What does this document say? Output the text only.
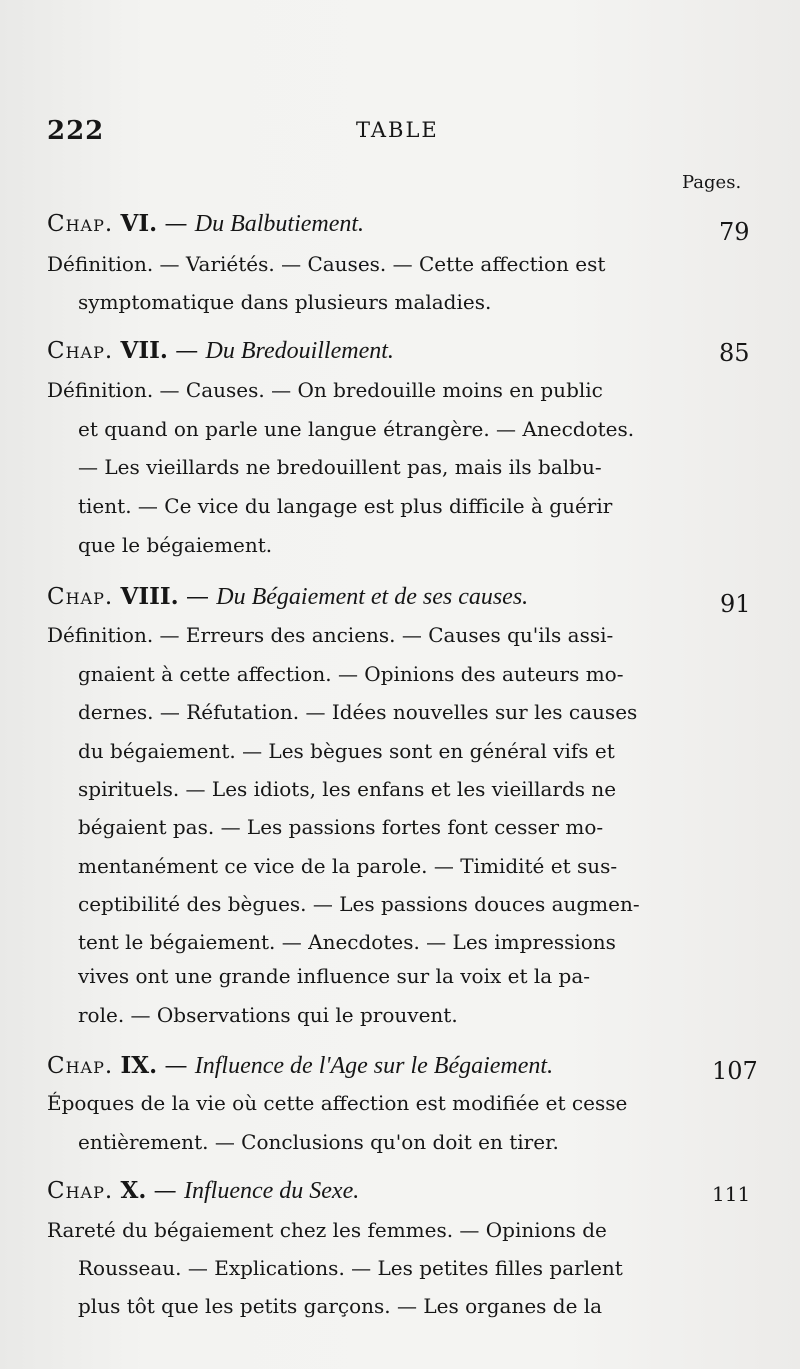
222	TABLE
Pages.
Chap. VI. — Du Balbutiement.	79
Définition. — Variétés. — Causes. — Cette affection est
symptomatique dans plusieurs maladies.
Chap. VII. — Du Bredouillement.	85
Définition. — Causes. — On bredouille moins en public
et quand on parle une langue étrangère. — Anecdotes.
— Les vieillards ne bredouillent pas, mais ils balbu-
tient. — Ce vice du langage est plus difficile à guérir
que le bégaiement.
Chap. VIII. — Du Bégaiement et de ses causes.	91
Définition. — Erreurs des anciens. — Causes qu'ils assi-
gnaient à cette affection. — Opinions des auteurs mo-
dernes. — Réfutation. — Idées nouvelles sur les causes
du bégaiement. — Les bègues sont en général vifs et
spirituels. — Les idiots, les enfans et les vieillards ne
bégaient pas. — Les passions fortes font cesser mo-
mentanément ce vice de la parole. — Timidité et sus-
ceptibilité des bègues. — Les passions douces augmen-
tent le bégaiement. — Anecdotes. — Les impressions
vives ont une grande influence sur la voix et la pa-
role. — Observations qui le prouvent.
Chap. IX. — Influence de l'Age sur le Bégaiement.	107
Époques de la vie où cette affection est modifiée et cesse
entièrement. — Conclusions qu'on doit en tirer.
Chap. X. — Influence du Sexe.	111
Rareté du bégaiement chez les femmes. — Opinions de
Rousseau. — Explications. — Les petites filles parlent
plus tôt que les petits garçons. — Les organes de la
